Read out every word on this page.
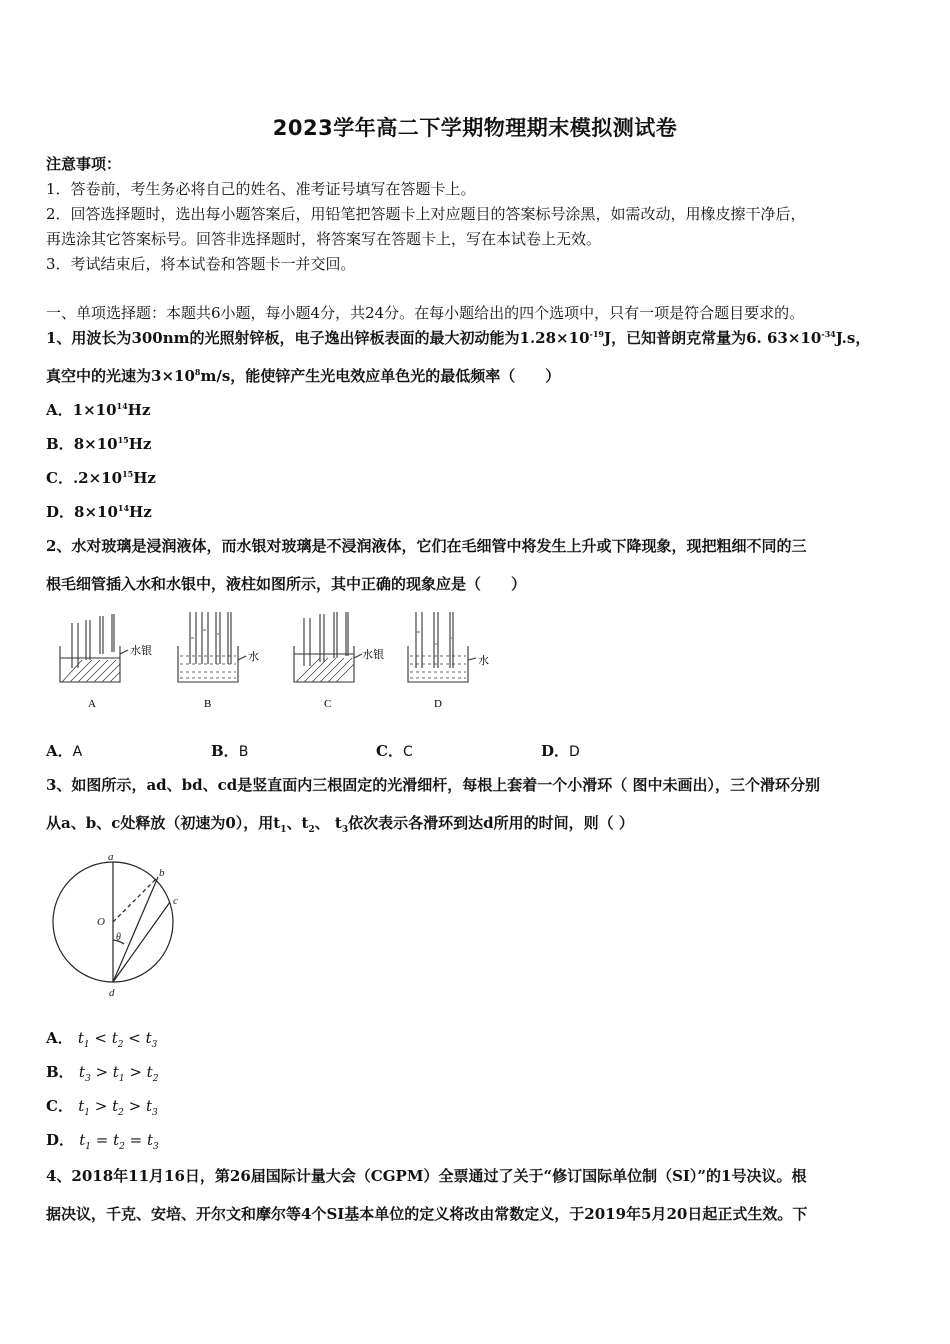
2023学年高二下学期物理期末模拟测试卷
注意事项：
1．答卷前，考生务必将自己的姓名、准考证号填写在答题卡上。
2．回答选择题时，选出每小题答案后，用铅笔把答题卡上对应题目的答案标号涂黑，如需改动，用橡皮擦干净后，
再选涂其它答案标号。回答非选择题时，将答案写在答题卡上，写在本试卷上无效。
3．考试结束后，将本试卷和答题卡一并交回。
一、单项选择题：本题共6小题，每小题4分，共24分。在每小题给出的四个选项中，只有一项是符合题目要求的。
1、用波长为300nm的光照射锌板，电子逸出锌板表面的最大初动能为$1.28\times 10^{-19}J$，已知普朗克常量为6. $63\times 10^{-34}J.s$，
真空中的光速为$3\times 10^8m/s$，能使锌产生光电效应单色光的最低频率（　　）
A．$1\times 10^{14}Hz$
B．$8\times 10^{15}Hz$
C．$.2\times 10^{15}Hz$
D．$8\times 10^{14}Hz$
2、水对玻璃是浸润液体，而水银对玻璃是不浸润液体，它们在毛细管中将发生上升或下降现象，现把粗细不同的三
根毛细管插入水和水银中，液柱如图所示，其中正确的现象应是（　　）
水银	水	水银	水
A	B	C	D
A．A	B．B	C．C	D．D
3、如图所示，ad、bd、cd是竖直面内三根固定的光滑细杆，每根上套着一个小滑环（ 图中未画出），三个滑环分别
从a、b、c处释放（初速为0），用$t_1$、$t_2$、 $t_3$依次表示各滑环到达d所用的时间，则（ ）
a
b
c
d
O
θ
A． $t_1 < t_2 < t_3$
B． $t_3 > t_1 > t_2$
C． $t_1 > t_2 > t_3$
D． $t_1 = t_2 = t_3$
4、2018年11月16日，第26届国际计量大会（CGPM）全票通过了关于“修订国际单位制（SI）”的1号决议。根
据决议，千克、安培、开尔文和摩尔等4个SI基本单位的定义将改由常数定义，于2019年5月20日起正式生效。下
